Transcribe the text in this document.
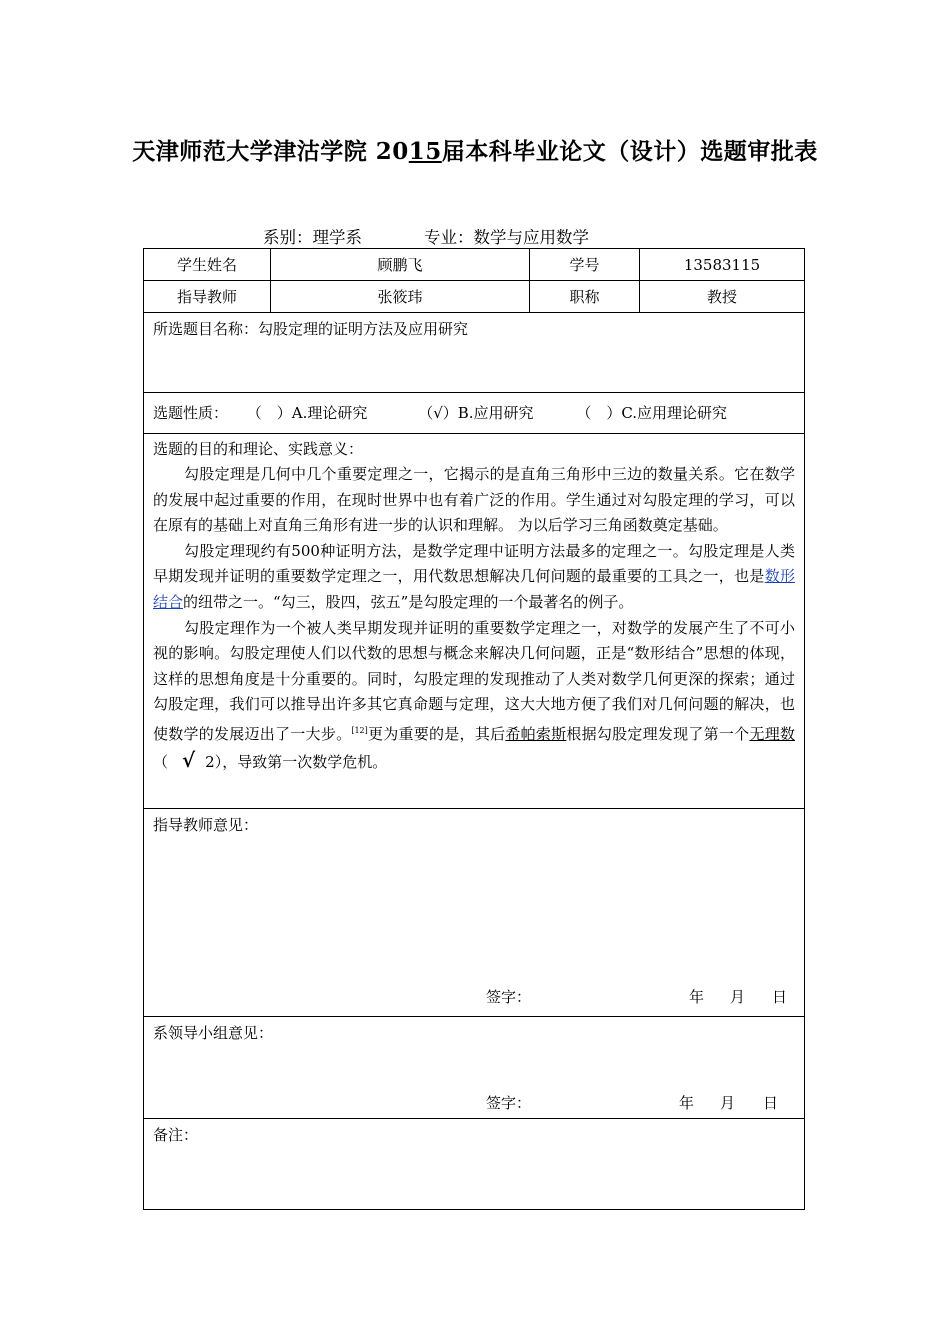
天津师范大学津沽学院 2015届本科毕业论文（设计）选题审批表
系别：理学系	专业：数学与应用数学
学生姓名	顾鹏飞	学号	13583115
指导教师	张筱玮	职称	教授
所选题目名称：勾股定理的证明方法及应用研究
选题性质： （　）A.理论研究	（√）B.应用研究	（　）C.应用理论研究
选题的目的和理论、实践意义：

勾股定理是几何中几个重要定理之一，它揭示的是直角三角形中三边的数量关系。它在数学的发展中起过重要的作用，在现时世界中也有着广泛的作用。学生通过对勾股定理的学习，可以在原有的基础上对直角三角形有进一步的认识和理解。 为以后学习三角函数奠定基础。

勾股定理现约有500种证明方法，是数学定理中证明方法最多的定理之一。勾股定理是人类早期发现并证明的重要数学定理之一，用代数思想解决几何问题的最重要的工具之一，也是数形结合的纽带之一。“勾三，股四，弦五”是勾股定理的一个最著名的例子。

勾股定理作为一个被人类早期发现并证明的重要数学定理之一，对数学的发展产生了不可小视的影响。勾股定理使人们以代数的思想与概念来解决几何问题，正是“数形结合”思想的体现，这样的思想角度是十分重要的。同时，勾股定理的发现推动了人类对数学几何更深的探索；通过勾股定理，我们可以推导出许多其它真命题与定理，这大大地方便了我们对几何问题的解决，也使数学的发展迈出了一大步。[12]更为重要的是，其后希帕索斯根据勾股定理发现了第一个无理数（ √ 2），导致第一次数学危机。

指导教师意见：
签字：	年 月 日
系领导小组意见：
签字：	年 月 日
备注：
